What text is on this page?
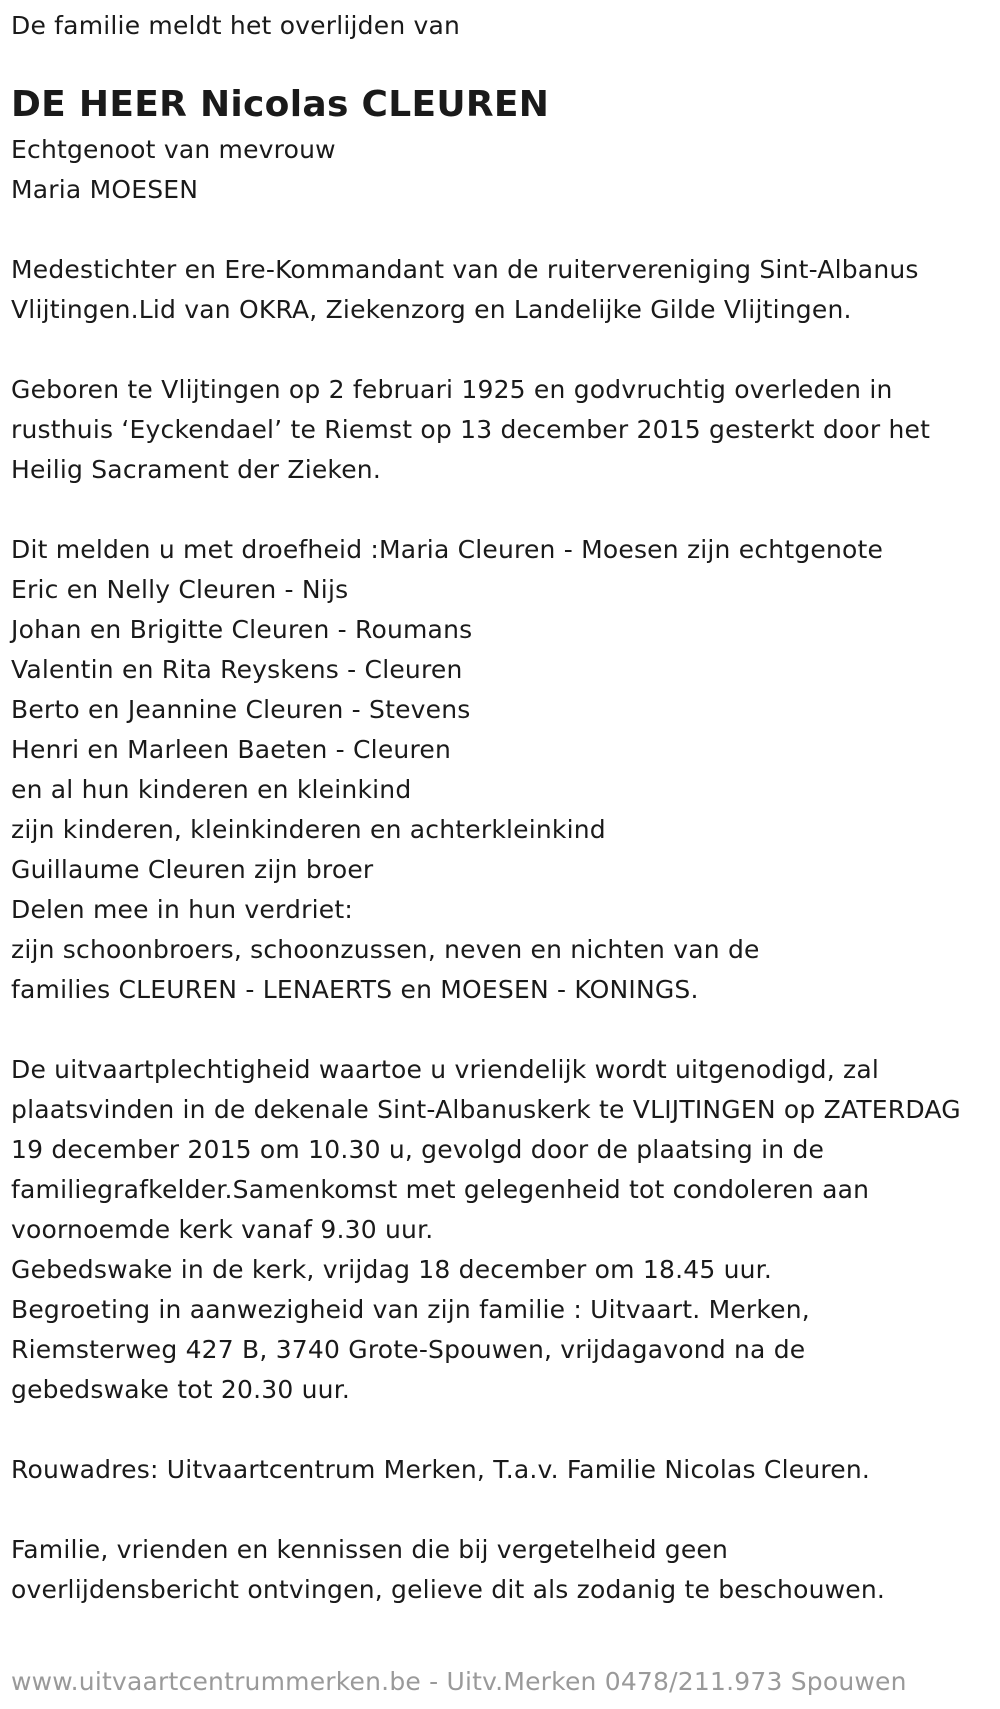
De familie meldt het overlijden van
DE HEER Nicolas CLEUREN
Echtgenoot van mevrouw
Maria MOESEN
Medestichter en Ere-Kommandant van de ruitervereniging Sint-Albanus
Vlijtingen.Lid van OKRA, Ziekenzorg en Landelijke Gilde Vlijtingen.
Geboren te Vlijtingen op 2 februari 1925 en godvruchtig overleden in
rusthuis ‘Eyckendael’ te Riemst op 13 december 2015 gesterkt door het
Heilig Sacrament der Zieken.
Dit melden u met droefheid :Maria Cleuren - Moesen zijn echtgenote
Eric en Nelly Cleuren - Nijs
Johan en Brigitte Cleuren - Roumans
Valentin en Rita Reyskens - Cleuren
Berto en Jeannine Cleuren - Stevens
Henri en Marleen Baeten - Cleuren
en al hun kinderen en kleinkind
zijn kinderen, kleinkinderen en achterkleinkind
Guillaume Cleuren zijn broer
Delen mee in hun verdriet:
zijn schoonbroers, schoonzussen, neven en nichten van de
families CLEUREN - LENAERTS en MOESEN - KONINGS.
De uitvaartplechtigheid waartoe u vriendelijk wordt uitgenodigd, zal
plaatsvinden in de dekenale Sint-Albanuskerk te VLIJTINGEN op ZATERDAG
19 december 2015 om 10.30 u, gevolgd door de plaatsing in de
familiegrafkelder.Samenkomst met gelegenheid tot condoleren aan
voornoemde kerk vanaf 9.30 uur.
Gebedswake in de kerk, vrijdag 18 december om 18.45 uur.
Begroeting in aanwezigheid van zijn familie : Uitvaart. Merken,
Riemsterweg 427 B, 3740 Grote-Spouwen, vrijdagavond na de
gebedswake tot 20.30 uur.
Rouwadres: Uitvaartcentrum Merken, T.a.v. Familie Nicolas Cleuren.
Familie, vrienden en kennissen die bij vergetelheid geen
overlijdensbericht ontvingen, gelieve dit als zodanig te beschouwen.
www.uitvaartcentrummerken.be - Uitv.Merken 0478/211.973 Spouwen
